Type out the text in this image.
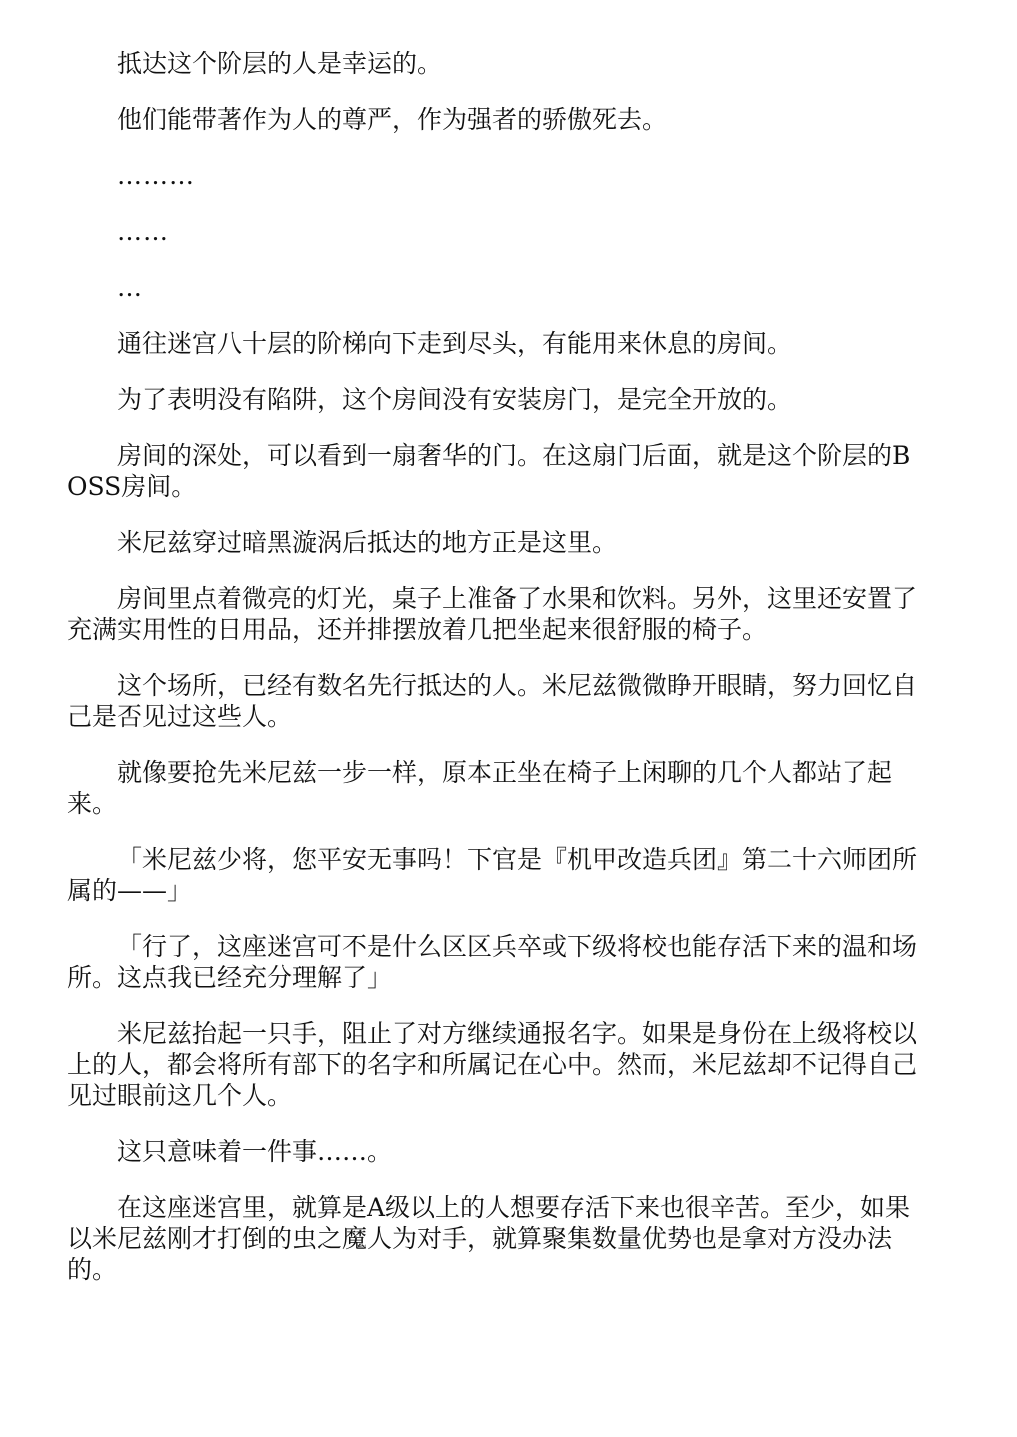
抵达这个阶层的人是幸运的。

他们能带著作为人的尊严，作为强者的骄傲死去。

………

……

…

通往迷宫八十层的阶梯向下走到尽头，有能用来休息的房间。

为了表明没有陷阱，这个房间没有安装房门，是完全开放的。

房间的深处，可以看到一扇奢华的门。在这扇门后面，就是这个阶层的BOSS房间。

米尼兹穿过暗黑漩涡后抵达的地方正是这里。

房间里点着微亮的灯光，桌子上准备了水果和饮料。另外，这里还安置了充满实用性的日用品，还并排摆放着几把坐起来很舒服的椅子。

这个场所，已经有数名先行抵达的人。米尼兹微微睁开眼睛，努力回忆自己是否见过这些人。

就像要抢先米尼兹一步一样，原本正坐在椅子上闲聊的几个人都站了起来。

「米尼兹少将，您平安无事吗！下官是『机甲改造兵团』第二十六师团所属的——」

「行了，这座迷宫可不是什么区区兵卒或下级将校也能存活下来的温和场所。这点我已经充分理解了」

米尼兹抬起一只手，阻止了对方继续通报名字。如果是身份在上级将校以上的人，都会将所有部下的名字和所属记在心中。然而，米尼兹却不记得自己见过眼前这几个人。

这只意味着一件事……。

在这座迷宫里，就算是A级以上的人想要存活下来也很辛苦。至少，如果以米尼兹刚才打倒的虫之魔人为对手，就算聚集数量优势也是拿对方没办法的。
